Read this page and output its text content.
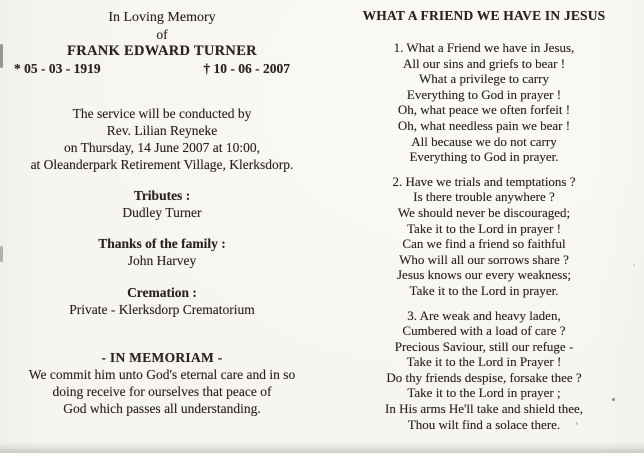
In Loving Memory
of
FRANK EDWARD TURNER
* 05 - 03 - 1919	† 10 - 06 - 2007
The service will be conducted by
Rev. Lilian Reyneke
on Thursday, 14 June 2007 at 10:00,
at Oleanderpark Retirement Village, Klerksdorp.
Tributes :
Dudley Turner
Thanks of the family :
John Harvey
Cremation :
Private - Klerksdorp Crematorium
- IN MEMORIAM -
We commit him unto God's eternal care and in so
doing receive for ourselves that peace of
God which passes all understanding.
WHAT A FRIEND WE HAVE IN JESUS
1. What a Friend we have in Jesus,
All our sins and griefs to bear !
What a privilege to carry
Everything to God in prayer !
Oh, what peace we often forfeit !
Oh, what needless pain we bear !
All because we do not carry
Everything to God in prayer.
2. Have we trials and temptations ?
Is there trouble anywhere ?
We should never be discouraged;
Take it to the Lord in prayer !
Can we find a friend so faithful
Who will all our sorrows share ?
Jesus knows our every weakness;
Take it to the Lord in prayer.
3. Are weak and heavy laden,
Cumbered with a load of care ?
Precious Saviour, still our refuge -
Take it to the Lord in Prayer !
Do thy friends despise, forsake thee ?
Take it to the Lord in prayer ;
In His arms He'll take and shield thee,
Thou wilt find a solace there.
